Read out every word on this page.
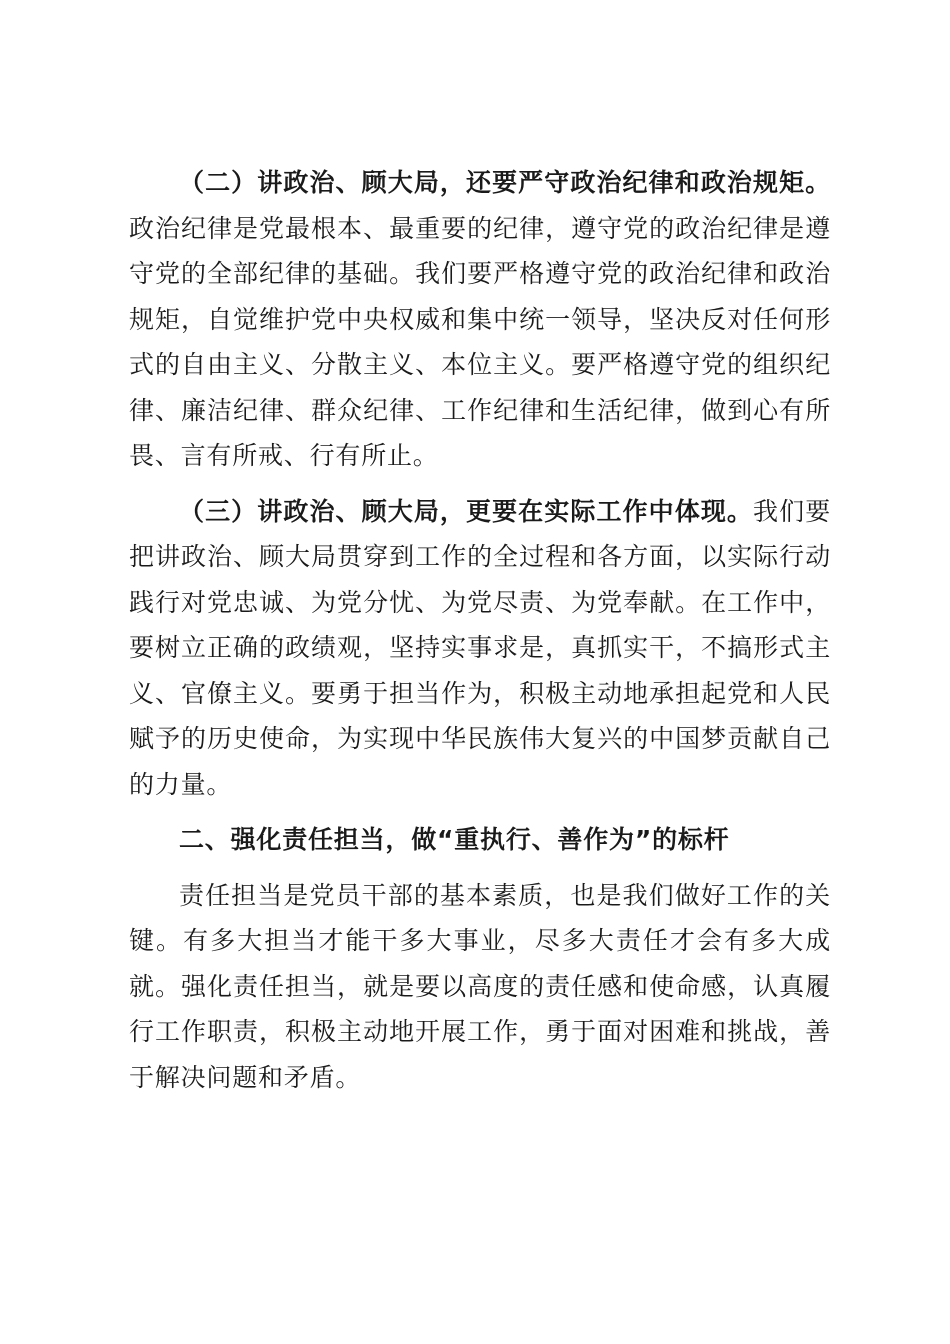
（二）讲政治、顾大局，还要严守政治纪律和政治规矩。政治纪律是党最根本、最重要的纪律，遵守党的政治纪律是遵守党的全部纪律的基础。我们要严格遵守党的政治纪律和政治规矩，自觉维护党中央权威和集中统一领导，坚决反对任何形式的自由主义、分散主义、本位主义。要严格遵守党的组织纪律、廉洁纪律、群众纪律、工作纪律和生活纪律，做到心有所畏、言有所戒、行有所止。

（三）讲政治、顾大局，更要在实际工作中体现。我们要把讲政治、顾大局贯穿到工作的全过程和各方面，以实际行动践行对党忠诚、为党分忧、为党尽责、为党奉献。在工作中，要树立正确的政绩观，坚持实事求是，真抓实干，不搞形式主义、官僚主义。要勇于担当作为，积极主动地承担起党和人民赋予的历史使命，为实现中华民族伟大复兴的中国梦贡献自己的力量。

二、强化责任担当，做“重执行、善作为”的标杆

责任担当是党员干部的基本素质，也是我们做好工作的关键。有多大担当才能干多大事业，尽多大责任才会有多大成就。强化责任担当，就是要以高度的责任感和使命感，认真履行工作职责，积极主动地开展工作，勇于面对困难和挑战，善于解决问题和矛盾。
